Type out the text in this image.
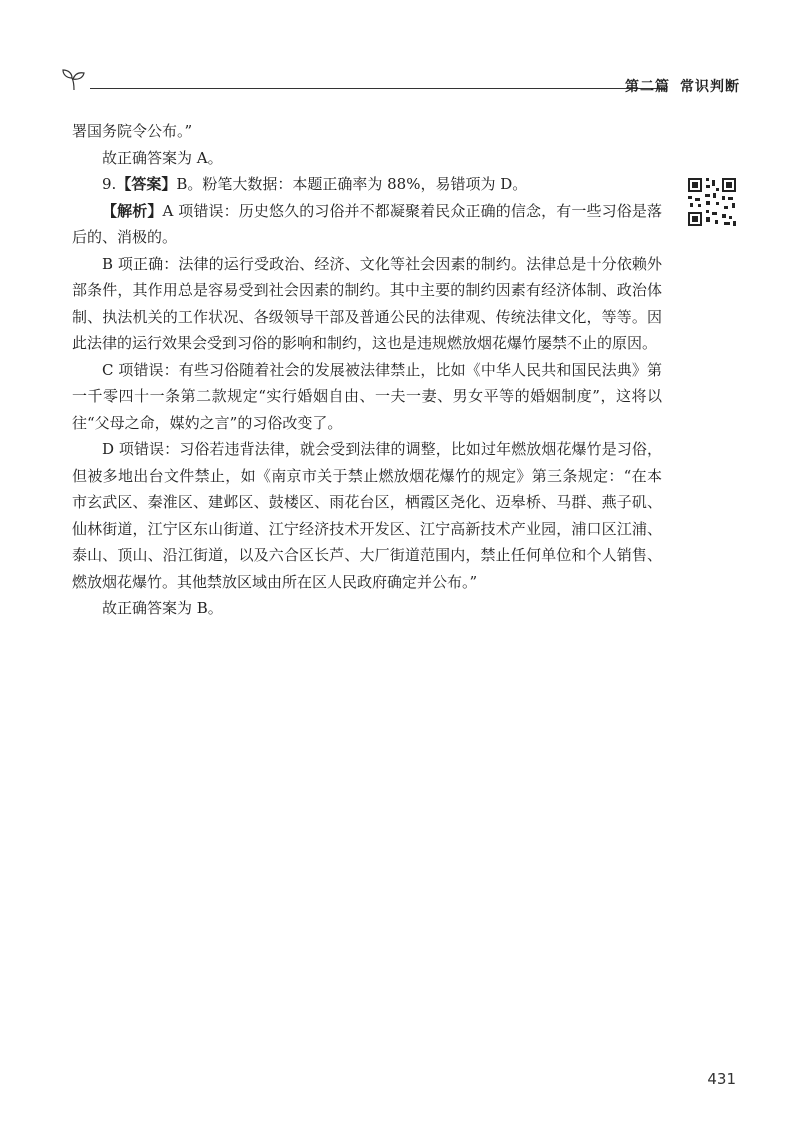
第二篇 常识判断

署国务院令公布。”

故正确答案为 A。

9.【答案】B。粉笔大数据：本题正确率为 88%，易错项为 D。

【解析】A 项错误：历史悠久的习俗并不都凝聚着民众正确的信念，有一些习俗是落后的、消极的。

B 项正确：法律的运行受政治、经济、文化等社会因素的制约。法律总是十分依赖外部条件，其作用总是容易受到社会因素的制约。其中主要的制约因素有经济体制、政治体制、执法机关的工作状况、各级领导干部及普通公民的法律观、传统法律文化，等等。因此法律的运行效果会受到习俗的影响和制约，这也是违规燃放烟花爆竹屡禁不止的原因。

C 项错误：有些习俗随着社会的发展被法律禁止，比如《中华人民共和国民法典》第一千零四十一条第二款规定“实行婚姻自由、一夫一妻、男女平等的婚姻制度”，这将以往“父母之命，媒妁之言”的习俗改变了。

D 项错误：习俗若违背法律，就会受到法律的调整，比如过年燃放烟花爆竹是习俗，但被多地出台文件禁止，如《南京市关于禁止燃放烟花爆竹的规定》第三条规定：“在本市玄武区、秦淮区、建邺区、鼓楼区、雨花台区，栖霞区尧化、迈皋桥、马群、燕子矶、仙林街道，江宁区东山街道、江宁经济技术开发区、江宁高新技术产业园，浦口区江浦、泰山、顶山、沿江街道，以及六合区长芦、大厂街道范围内，禁止任何单位和个人销售、燃放烟花爆竹。其他禁放区域由所在区人民政府确定并公布。”

故正确答案为 B。

431
